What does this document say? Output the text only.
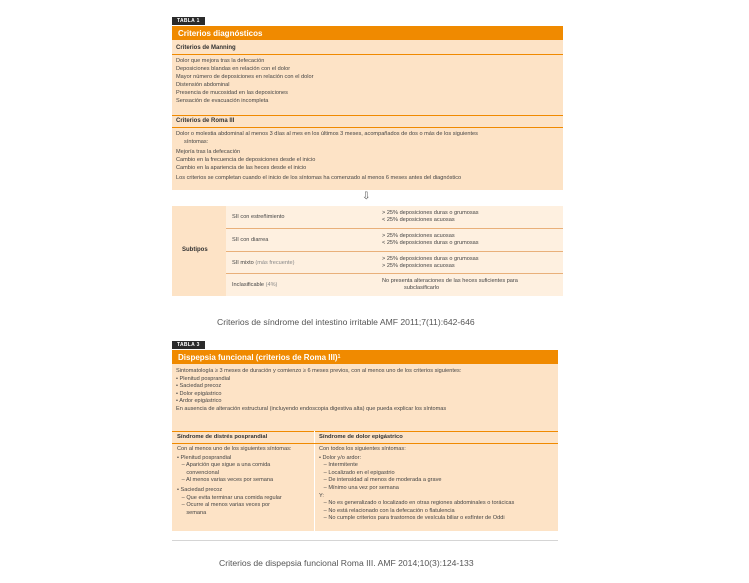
TABLA 1
Criterios diagnósticos
Criterios de Manning
Dolor que mejora tras la defecación
Deposiciones blandas en relación con el dolor
Mayor número de deposiciones en relación con el dolor
Distensión abdominal
Presencia de mucosidad en las deposiciones
Sensación de evacuación incompleta
Criterios de Roma III
Dolor o molestia abdominal al menos 3 días al mes en los últimos 3 meses, acompañados de dos o más de los siguientes
síntomas:
Mejoría tras la defecación
Cambio en la frecuencia de deposiciones desde el inicio
Cambio en la apariencia de las heces desde el inicio
Los criterios se completan cuando el inicio de los síntomas ha comenzado al menos 6 meses antes del diagnóstico
⇩
Subtipos
SII con estreñimiento
> 25% deposiciones duras o grumosas
< 25% deposiciones acuosas
SII con diarrea
> 25% deposiciones acuosas
< 25% deposiciones duras o grumosas
SII mixto
(más frecuente)
> 25% deposiciones duras o grumosas
> 25% deposiciones acuosas
Inclasificable
(4%)
No presenta alteraciones de las heces suficientes para
subclasificarlo
Criterios de síndrome del intestino irritable AMF 2011;7(11):642-646
TABLA 3
Dispepsia funcional (criterios de Roma III) 1
Sintomatología ≥ 3 meses de duración y comienzo ≥ 6 meses previos, con al menos uno de los criterios siguientes:
• Plenitud posprandial
• Saciedad precoz
• Dolor epigástrico
• Ardor epigástrico
En ausencia de alteración estructural (incluyendo endoscopia digestiva alta) que pueda explicar los síntomas
Síndrome de distrés posprandial	Síndrome de dolor epigástrico
Con al menos uno de los siguientes síntomas:
• Plenitud posprandial
– Aparición que sigue a una comida
convencional
– Al menos varias veces por semana
• Saciedad precoz
– Que evita terminar una comida regular
– Ocurre al menos varias veces por
semana
Con todos los siguientes síntomas:
• Dolor y/o ardor:
– Intermitente
– Localizado en el epigastrio
– De intensidad al menos de moderada a grave
– Mínimo una vez por semana
Y:
– No es generalizado o localizado en otras regiones abdominales o torácicas
– No está relacionado con la defecación o flatulencia
– No cumple criterios para trastornos de vesícula biliar o esfínter de Oddi
Criterios de dispepsia funcional Roma III. AMF 2014;10(3):124-133
